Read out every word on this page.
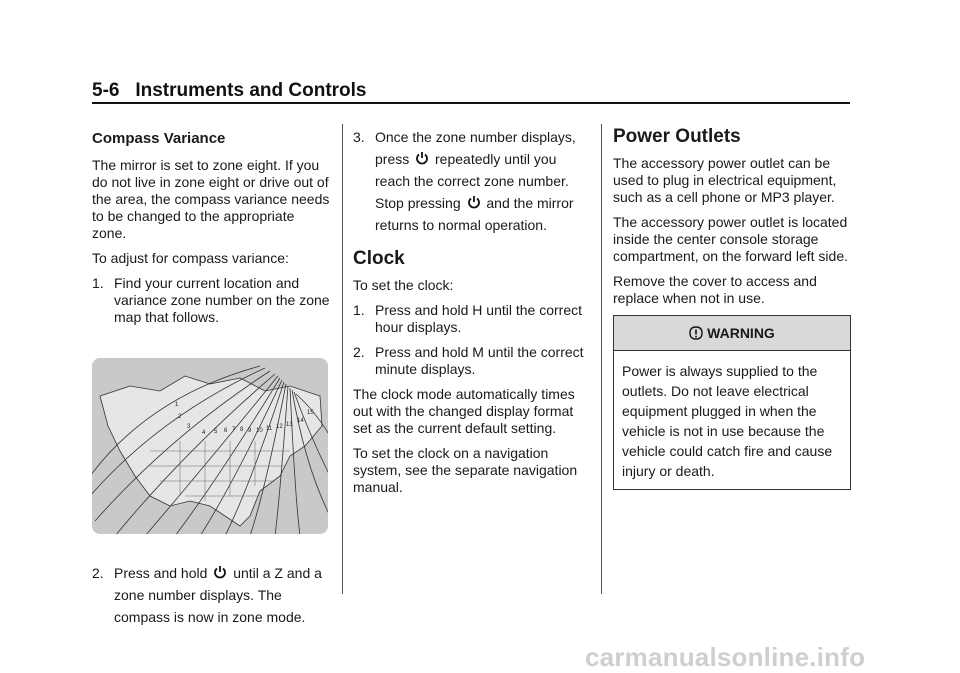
5-6 Instruments and Controls
Compass Variance

The mirror is set to zone eight. If you do not live in zone eight or drive out of the area, the compass variance needs to be changed to the appropriate zone.

To adjust for compass variance:

1. Find your current location and variance zone number on the zone map that follows.
1
2
3
4 5 6 7 8 9 10 11 12 13
14
15
2. Press and hold until a Z and a zone number displays. The compass is now in zone mode.
3. Once the zone number displays, press repeatedly until you reach the correct zone number. Stop pressing and the mirror returns to normal operation.
Clock

To set the clock:

1. Press and hold H until the correct hour displays.
2. Press and hold M until the correct minute displays.

The clock mode automatically times out with the changed display format set as the current default setting.

To set the clock on a navigation system, see the separate navigation manual.

Power Outlets

The accessory power outlet can be used to plug in electrical equipment, such as a cell phone or MP3 player.

The accessory power outlet is located inside the center console storage compartment, on the forward left side.

Remove the cover to access and replace when not in use.

WARNING
Power is always supplied to the outlets. Do not leave electrical equipment plugged in when the vehicle is not in use because the vehicle could catch fire and cause injury or death.
carmanualsonline.info
